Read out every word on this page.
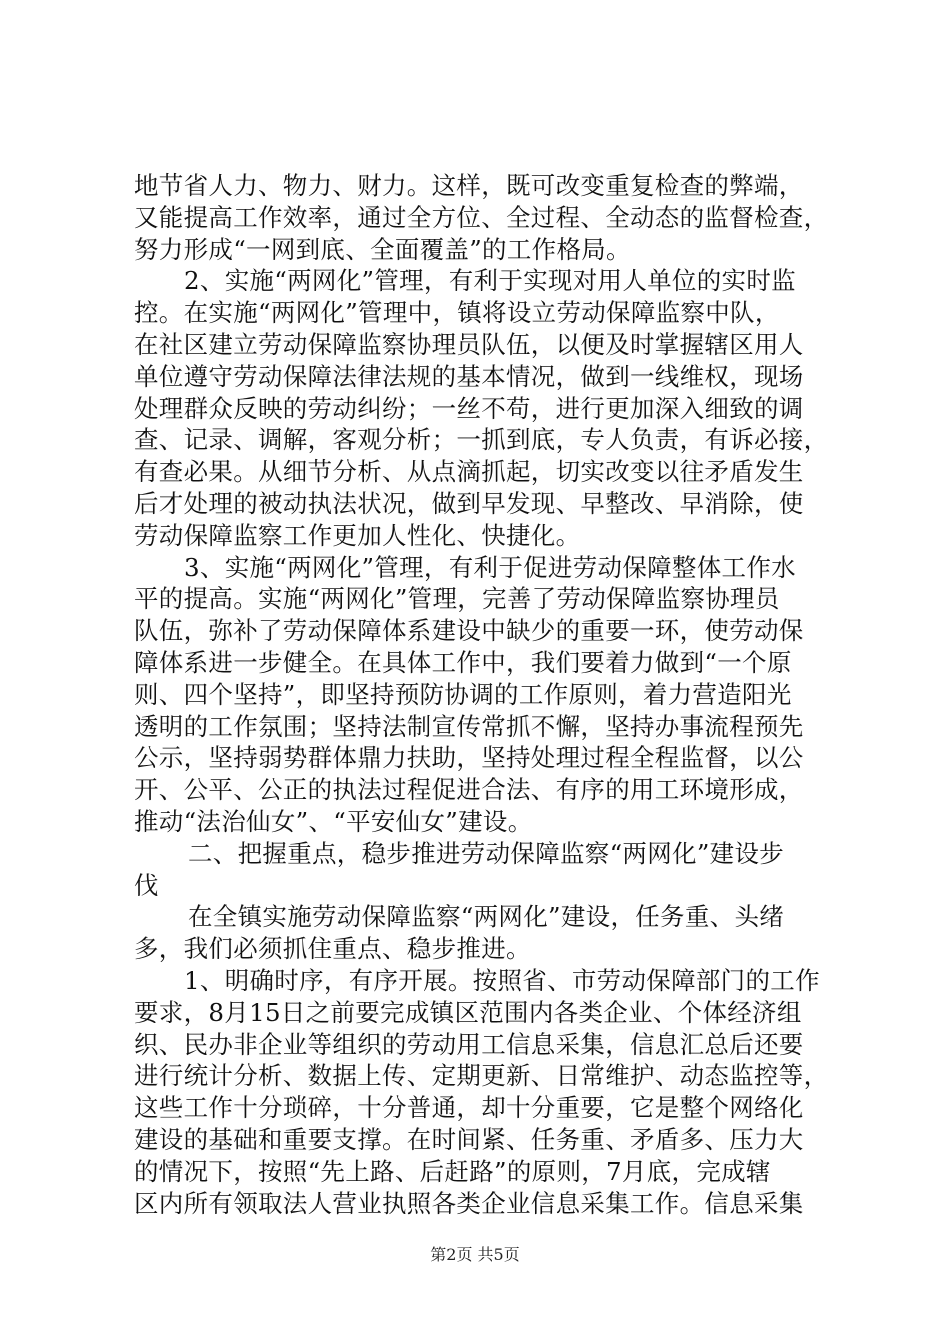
地节省人力、物力、财力。这样，既可改变重复检查的弊端，
又能提高工作效率，通过全方位、全过程、全动态的监督检查，
努力形成“一网到底、全面覆盖”的工作格局。
2、实施“两网化”管理，有利于实现对用人单位的实时监
控。在实施“两网化”管理中，镇将设立劳动保障监察中队，
在社区建立劳动保障监察协理员队伍，以便及时掌握辖区用人
单位遵守劳动保障法律法规的基本情况，做到一线维权，现场
处理群众反映的劳动纠纷；一丝不苟，进行更加深入细致的调
查、记录、调解，客观分析；一抓到底，专人负责，有诉必接，
有查必果。从细节分析、从点滴抓起，切实改变以往矛盾发生
后才处理的被动执法状况，做到早发现、早整改、早消除，使
劳动保障监察工作更加人性化、快捷化。
3、实施“两网化”管理，有利于促进劳动保障整体工作水
平的提高。实施“两网化”管理，完善了劳动保障监察协理员
队伍，弥补了劳动保障体系建设中缺少的重要一环，使劳动保
障体系进一步健全。在具体工作中，我们要着力做到“一个原
则、四个坚持”，即坚持预防协调的工作原则，着力营造阳光
透明的工作氛围；坚持法制宣传常抓不懈，坚持办事流程预先
公示，坚持弱势群体鼎力扶助，坚持处理过程全程监督，以公
开、公平、公正的执法过程促进合法、有序的用工环境形成，
推动“法治仙女”、“平安仙女”建设。
二、把握重点，稳步推进劳动保障监察“两网化”建设步
伐
在全镇实施劳动保障监察“两网化”建设，任务重、头绪
多，我们必须抓住重点、稳步推进。
1、明确时序，有序开展。按照省、市劳动保障部门的工作
要求，8月15日之前要完成镇区范围内各类企业、个体经济组
织、民办非企业等组织的劳动用工信息采集，信息汇总后还要
进行统计分析、数据上传、定期更新、日常维护、动态监控等，
这些工作十分琐碎，十分普通，却十分重要，它是整个网络化
建设的基础和重要支撑。在时间紧、任务重、矛盾多、压力大
的情况下，按照“先上路、后赶路”的原则，7月底，完成辖
区内所有领取法人营业执照各类企业信息采集工作。信息采集
第2页 共5页
